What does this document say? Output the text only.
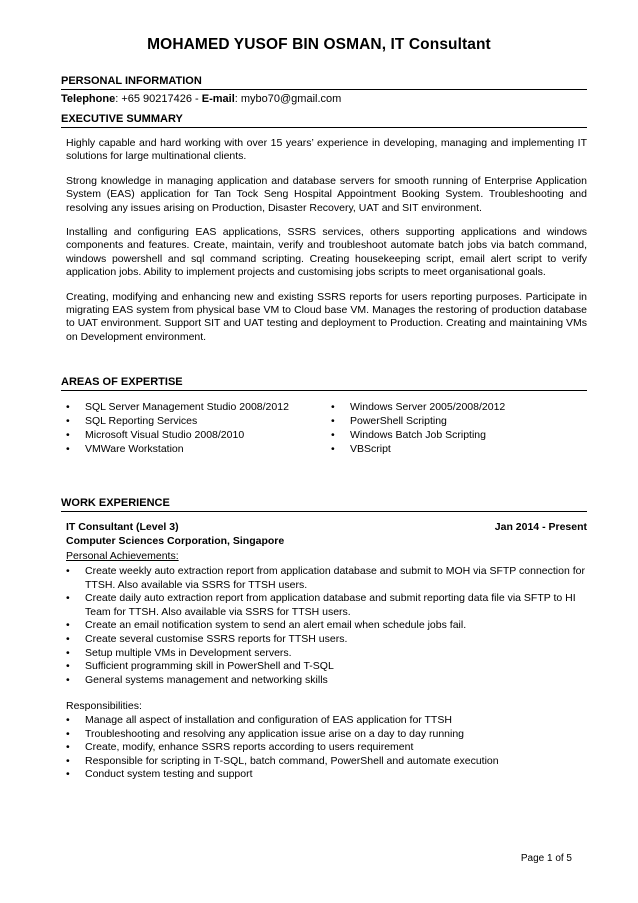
MOHAMED YUSOF BIN OSMAN, IT Consultant
PERSONAL INFORMATION
Telephone: +65 90217426 - E-mail: mybo70@gmail.com
EXECUTIVE SUMMARY

Highly capable and hard working with over 15 years’ experience in developing, managing and implementing IT solutions for large multinational clients.

Strong knowledge in managing application and database servers for smooth running of Enterprise Application System (EAS) application for Tan Tock Seng Hospital Appointment Booking System. Troubleshooting and resolving any issues arising on Production, Disaster Recovery, UAT and SIT environment.

Installing and configuring EAS applications, SSRS services, others supporting applications and windows components and features. Create, maintain, verify and troubleshoot automate batch jobs via batch command, windows powershell and sql command scripting. Creating housekeeping script, email alert script to verify application jobs. Ability to implement projects and customising jobs scripts to meet organisational goals.

Creating, modifying and enhancing new and existing SSRS reports for users reporting purposes. Participate in migrating EAS system from physical base VM to Cloud base VM. Manages the restoring of production database to UAT environment. Support SIT and UAT testing and deployment to Production. Creating and maintaining VMs on Development environment.

AREAS OF EXPERTISE
• SQL Server Management Studio 2008/2012
• SQL Reporting Services
• Microsoft Visual Studio 2008/2010
• VMWare Workstation
• Windows Server 2005/2008/2012
• PowerShell Scripting
• Windows Batch Job Scripting
• VBScript
WORK EXPERIENCE
IT Consultant (Level 3)
Computer Sciences Corporation, Singapore
Jan 2014 - Present
Personal Achievements:
• Create weekly auto extraction report from application database and submit to MOH via SFTP connection for TTSH. Also available via SSRS for TTSH users.
• Create daily auto extraction report from application database and submit reporting data file via SFTP to HI Team for TTSH. Also available via SSRS for TTSH users.
• Create an email notification system to send an alert email when schedule jobs fail.
• Create several customise SSRS reports for TTSH users.
• Setup multiple VMs in Development servers.
• Sufficient programming skill in PowerShell and T-SQL
• General systems management and networking skills
Responsibilities:
• Manage all aspect of installation and configuration of EAS application for TTSH
• Troubleshooting and resolving any application issue arise on a day to day running
• Create, modify, enhance SSRS reports according to users requirement
• Responsible for scripting in T-SQL, batch command, PowerShell and automate execution
• Conduct system testing and support
Page 1 of 5
